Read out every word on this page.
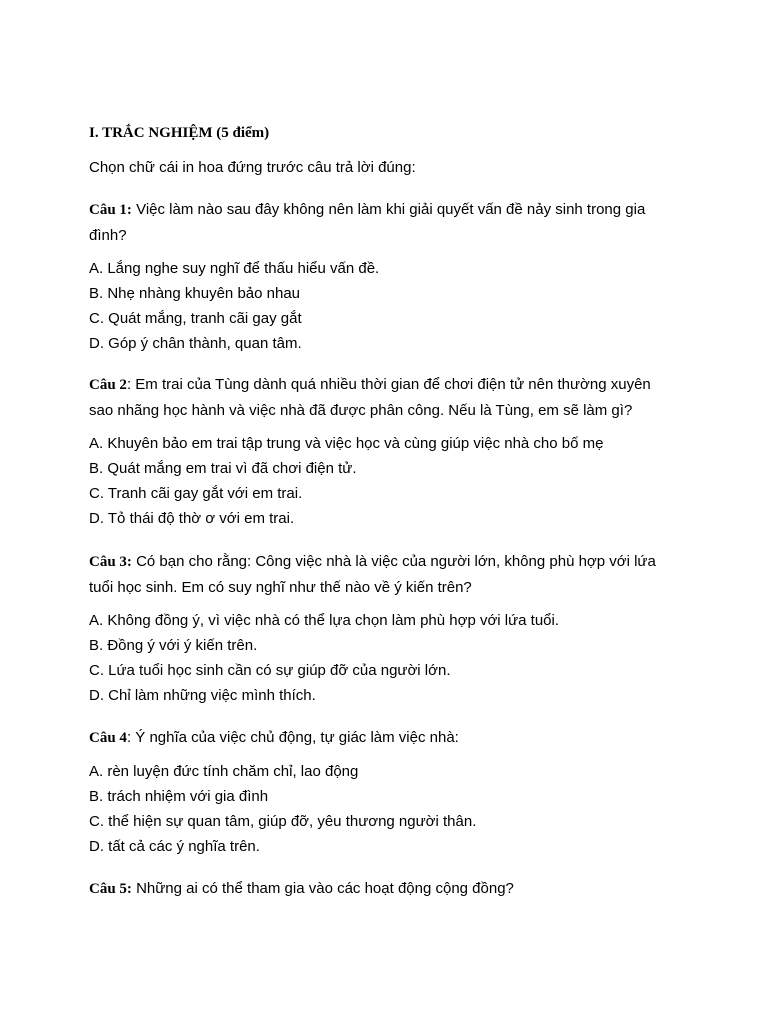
I. TRẮC NGHIỆM (5 điểm)
Chọn chữ cái in hoa đứng trước câu trả lời đúng:

Câu 1: Việc làm nào sau đây không nên làm khi giải quyết vấn đề nảy sinh trong gia đình?

A. Lắng nghe suy nghĩ để thấu hiểu vấn đề.
B. Nhẹ nhàng khuyên bảo nhau
C. Quát mắng, tranh cãi gay gắt
D. Góp ý chân thành, quan tâm.

Câu 2: Em trai của Tùng dành quá nhiều thời gian để chơi điện tử nên thường xuyên sao nhãng học hành và việc nhà đã được phân công. Nếu là Tùng, em sẽ làm gì?

A. Khuyên bảo em trai tập trung và việc học và cùng giúp việc nhà cho bố mẹ
B. Quát mắng em trai vì đã chơi điện tử.
C. Tranh cãi gay gắt với em trai.
D. Tỏ thái độ thờ ơ với em trai.

Câu 3: Có bạn cho rằng: Công việc nhà là việc của người lớn, không phù hợp với lứa tuổi học sinh. Em có suy nghĩ như thế nào về ý kiến trên?

A. Không đồng ý, vì việc nhà có thể lựa chọn làm phù hợp với lứa tuổi.
B. Đồng ý với ý kiến trên.
C. Lứa tuổi học sinh cần có sự giúp đỡ của người lớn.
D. Chỉ làm những việc mình thích.

Câu 4: Ý nghĩa của việc chủ động, tự giác làm việc nhà:

A. rèn luyện đức tính chăm chỉ, lao động
B. trách nhiệm với gia đình
C. thể hiện sự quan tâm, giúp đỡ, yêu thương người thân.
D. tất cả các ý nghĩa trên.

Câu 5: Những ai có thể tham gia vào các hoạt động cộng đồng?
